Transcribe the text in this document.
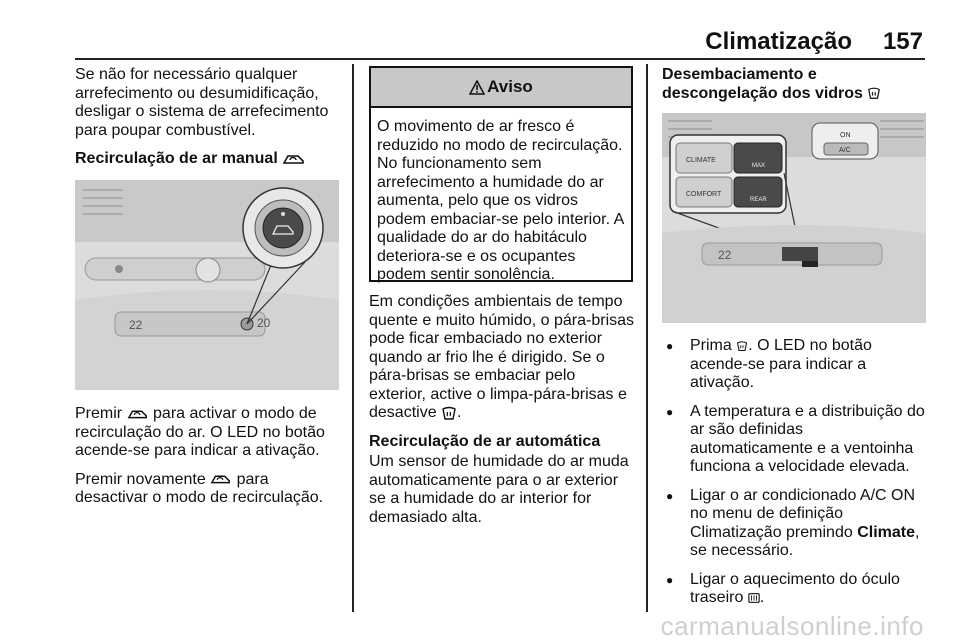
Climatização 157

Se não for necessário qualquer arrefecimento ou desumidificação, desligar o sistema de arrefecimento para poupar combustível.

Recirculação de ar manual
22	20

Premir para activar o modo de recirculação do ar. O LED no botão acende-se para indicar a ativação.

Premir novamente para desactivar o modo de recirculação.

Aviso
O movimento de ar fresco é reduzido no modo de recirculação. No funcionamento sem arrefecimento a humidade do ar aumenta, pelo que os vidros podem embaciar-se pelo interior. A qualidade do ar do habitáculo deteriora-se e os ocupantes podem sentir sonolência.

Em condições ambientais de tempo quente e muito húmido, o pára-brisas pode ficar embaciado no exterior quando ar frio lhe é dirigido. Se o pára-brisas se embaciar pelo exterior, active o limpa-pára-brisas e desactive .

Recirculação de ar automática

Um sensor de humidade do ar muda automaticamente para o ar exterior se a humidade do ar interior for demasiado alta.

Desembaciamento e descongelação dos vidros
ON
A/C
CLIMATE
MAX
COMFORT
REAR
22
● Prima . O LED no botão acende-se para indicar a ativação.
● A temperatura e a distribuição do ar são definidas automaticamente e a ventoinha funciona a velocidade elevada.
● Ligar o ar condicionado A/C ON no menu de definição Climatização premindo Climate, se necessário.
● Ligar o aquecimento do óculo traseiro .
carmanualsonline.info
